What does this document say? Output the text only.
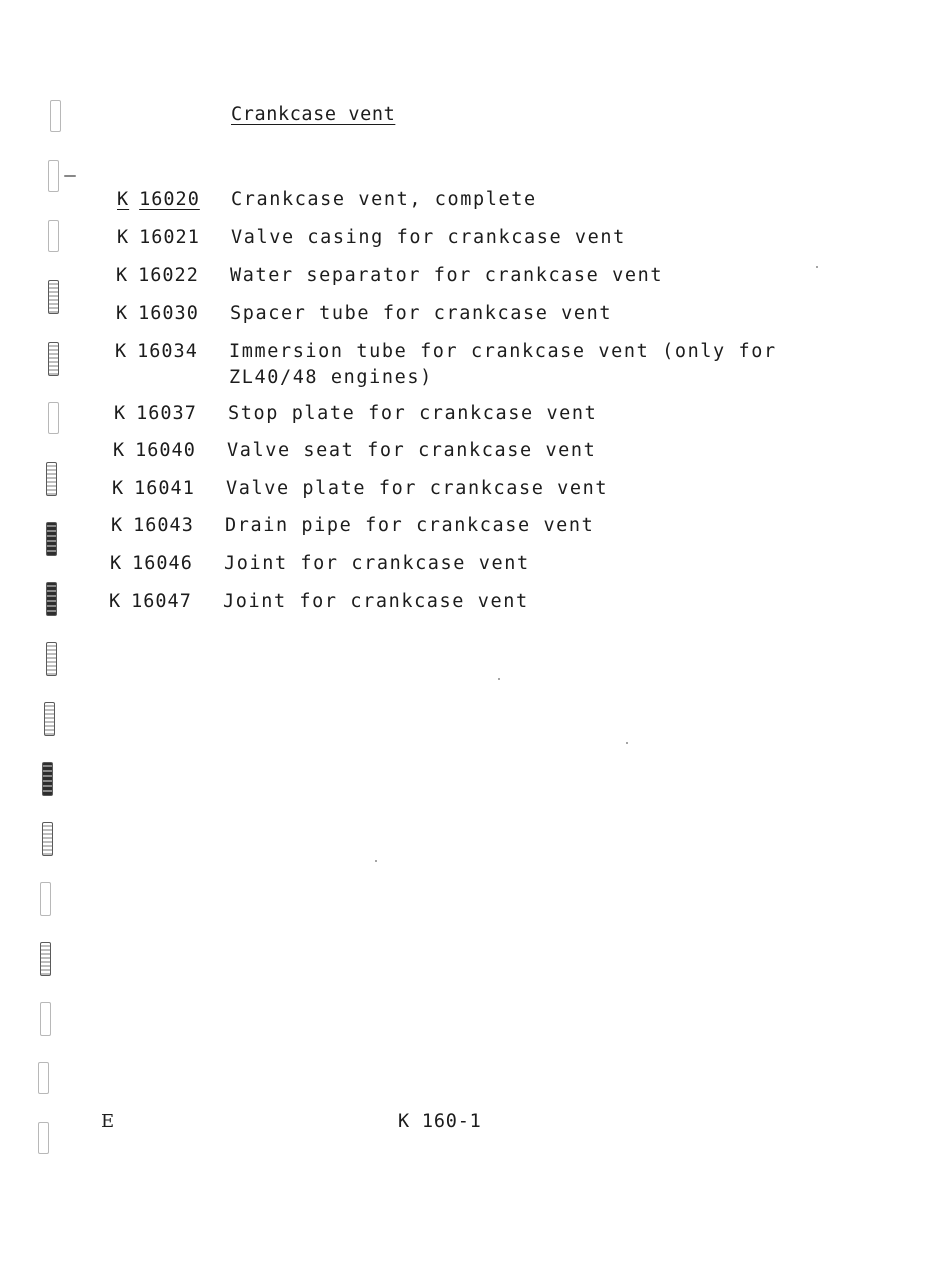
Crankcase vent
K 16020	Crankcase vent, complete
K 16021	Valve casing for crankcase vent
K 16022	Water separator for crankcase vent
K 16030	Spacer tube for crankcase vent
K 16034	Immersion tube for crankcase vent (only for
ZL40/48 engines)
K 16037	Stop plate for crankcase vent
K 16040	Valve seat for crankcase vent
K 16041	Valve plate for crankcase vent
K 16043	Drain pipe for crankcase vent
K 16046	Joint for crankcase vent
K 16047	Joint for crankcase vent
E	K 160-1
